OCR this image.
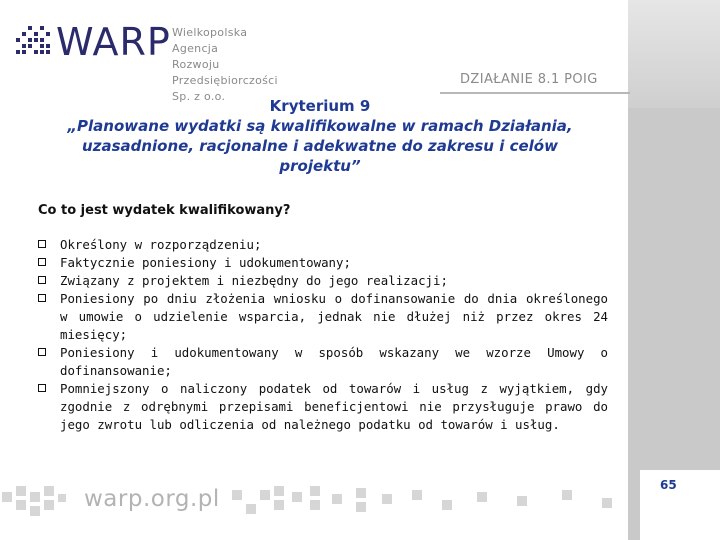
WARP Wielkopolska Agencja
Rozwoju Przedsiębiorczości Sp. z o.o.
DZIAŁANIE 8.1 POIG
Kryterium 9
„Planowane wydatki są kwalifikowalne w ramach Działania, uzasadnione, racjonalne i adekwatne do zakresu i celów projektu”
Co to jest wydatek kwalifikowany?
Określony w rozporządzeniu;
Faktycznie poniesiony i udokumentowany;
Związany z projektem i niezbędny do jego realizacji;
Poniesiony po dniu złożenia wniosku o dofinansowanie do dnia określonego w umowie o udzielenie wsparcia, jednak nie dłużej niż przez okres 24 miesięcy;
Poniesiony i udokumentowany w sposób wskazany we wzorze Umowy o dofinansowanie;
Pomniejszony o naliczony podatek od towarów i usług z wyjątkiem, gdy zgodnie z odrębnymi przepisami beneficjentowi nie przysługuje prawo do jego zwrotu lub odliczenia od należnego podatku od towarów i usług.
warp.org.pl
65
